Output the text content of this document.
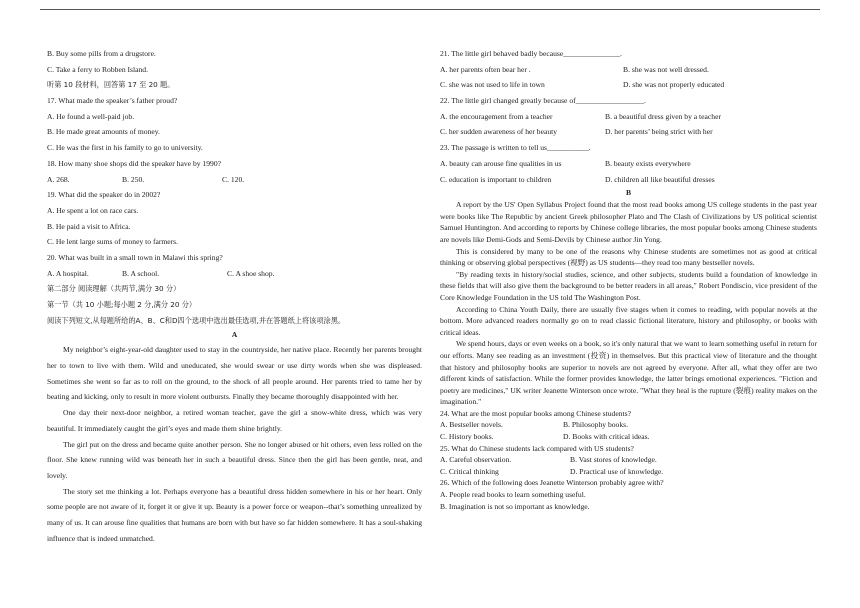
B. Buy some pills from a drugstore.
C. Take a ferry to Robben Island.
听第 10 段材料，回答第 17 至 20 题。
17. What made the speaker’s father proud?
A. He found a well-paid job.
B. He made great amounts of money.
C. He was the first in his family to go to university.
18. How many shoe shops did the speaker have by 1990?
A. 268.	B. 250.	C. 120.
19. What did the speaker do in 2002?
A. He spent a lot on race cars.
B. He paid a visit to Africa.
C. He lent large sums of money to farmers.
20. What was built in a small town in Malawi this spring?
A. A hospital.	B. A school.	C. A shoe shop.
第二部分 阅读理解（共两节,满分 30 分）
第一节（共 10 小题;每小题 2 分,满分 20 分）
阅读下列短文,从每题所给的A、B、C和D四个选项中选出最佳选项,并在答题纸上将该项涂黑。
A

My neighbor’s eight-year-old daughter used to stay in the countryside, her native place. Recently her parents brought her to town to live with them. Wild and uneducated, she would swear or use dirty words when she was displeased. Sometimes she went so far as to roll on the ground, to the shock of all people around. Her parents tried to tame her by beating and kicking, only to result in more violent outbursts. Finally they became thoroughly disappointed with her.

One day their next-door neighbor, a retired woman teacher, gave the girl a snow-white dress, which was very beautiful. It immediately caught the girl’s eyes and made them shine brightly.

The girl put on the dress and became quite another person. She no longer abused or hit others, even less rolled on the floor. She knew running wild was beneath her in such a beautiful dress. Since then the girl has been gentle, neat, and lovely.

The story set me thinking a lot. Perhaps everyone has a beautiful dress hidden somewhere in his or her heart. Only some people are not aware of it, forget it or give it up. Beauty is a power force or weapon--that’s something unrealized by many of us. It can arouse fine qualities that humans are born with but have so far hidden somewhere. It has a soul-shaking influence that is indeed unmatched.

21. The little girl behaved badly because_______________.
A. her parents often bear her .	B. she was not well dressed.
C. she was not used to life in town	D. she was not properly educated
22. The little girl changed greatly because of__________________.
A. the encouragement from a teacher	B. a beautiful dress given by a teacher
C. her sudden awareness of her beauty	D. her parents’ being strict with her
23. The passage is written to tell us___________.
A. beauty can arouse fine qualities in us	B. beauty exists everywhere
C. education is important to children	D. children all like beautiful dresses
B

A report by the US' Open Syllabus Project found that the most read books among US college students in the past year were books like The Republic by ancient Greek philosopher Plato and The Clash of Civilizations by US political scientist Samuel Huntington. And according to reports by Chinese college libraries, the most popular books among Chinese students are novels like Demi-Gods and Semi-Devils by Chinese author Jin Yong.

This is considered by many to be one of the reasons why Chinese students are sometimes not as good at critical thinking or observing global perspectives (视野) as US students—they read too many bestseller novels.

"By reading texts in history/social studies, science, and other subjects, students build a foundation of knowledge in these fields that will also give them the background to be better readers in all areas," Robert Pondiscio, vice president of the Core Knowledge Foundation in the US told The Washington Post.

According to China Youth Daily, there are usually five stages when it comes to reading, with popular novels at the bottom. More advanced readers normally go on to read classic fictional literature, history and philosophy, or books with critical ideas.

We spend hours, days or even weeks on a book, so it's only natural that we want to learn something useful in return for our efforts. Many see reading as an investment (投资) in themselves. But this practical view of literature and the thought that history and philosophy books are superior to novels are not agreed by everyone. After all, what they offer are two different kinds of satisfaction. While the former provides knowledge, the latter brings emotional experiences. "Fiction and poetry are medicines," UK writer Jeanette Winterson once wrote. "What they heal is the rupture (裂痕) reality makes on the imagination."

24. What are the most popular books among Chinese students?
A. Bestseller novels.	B. Philosophy books.
C. History books.	D. Books with critical ideas.
25. What do Chinese students lack compared with US students?
A. Careful observation.	B. Vast stores of knowledge.
C. Critical thinking	D. Practical use of knowledge.
26. Which of the following does Jeanette Winterson probably agree with?
A. People read books to learn something useful.
B. Imagination is not so important as knowledge.
